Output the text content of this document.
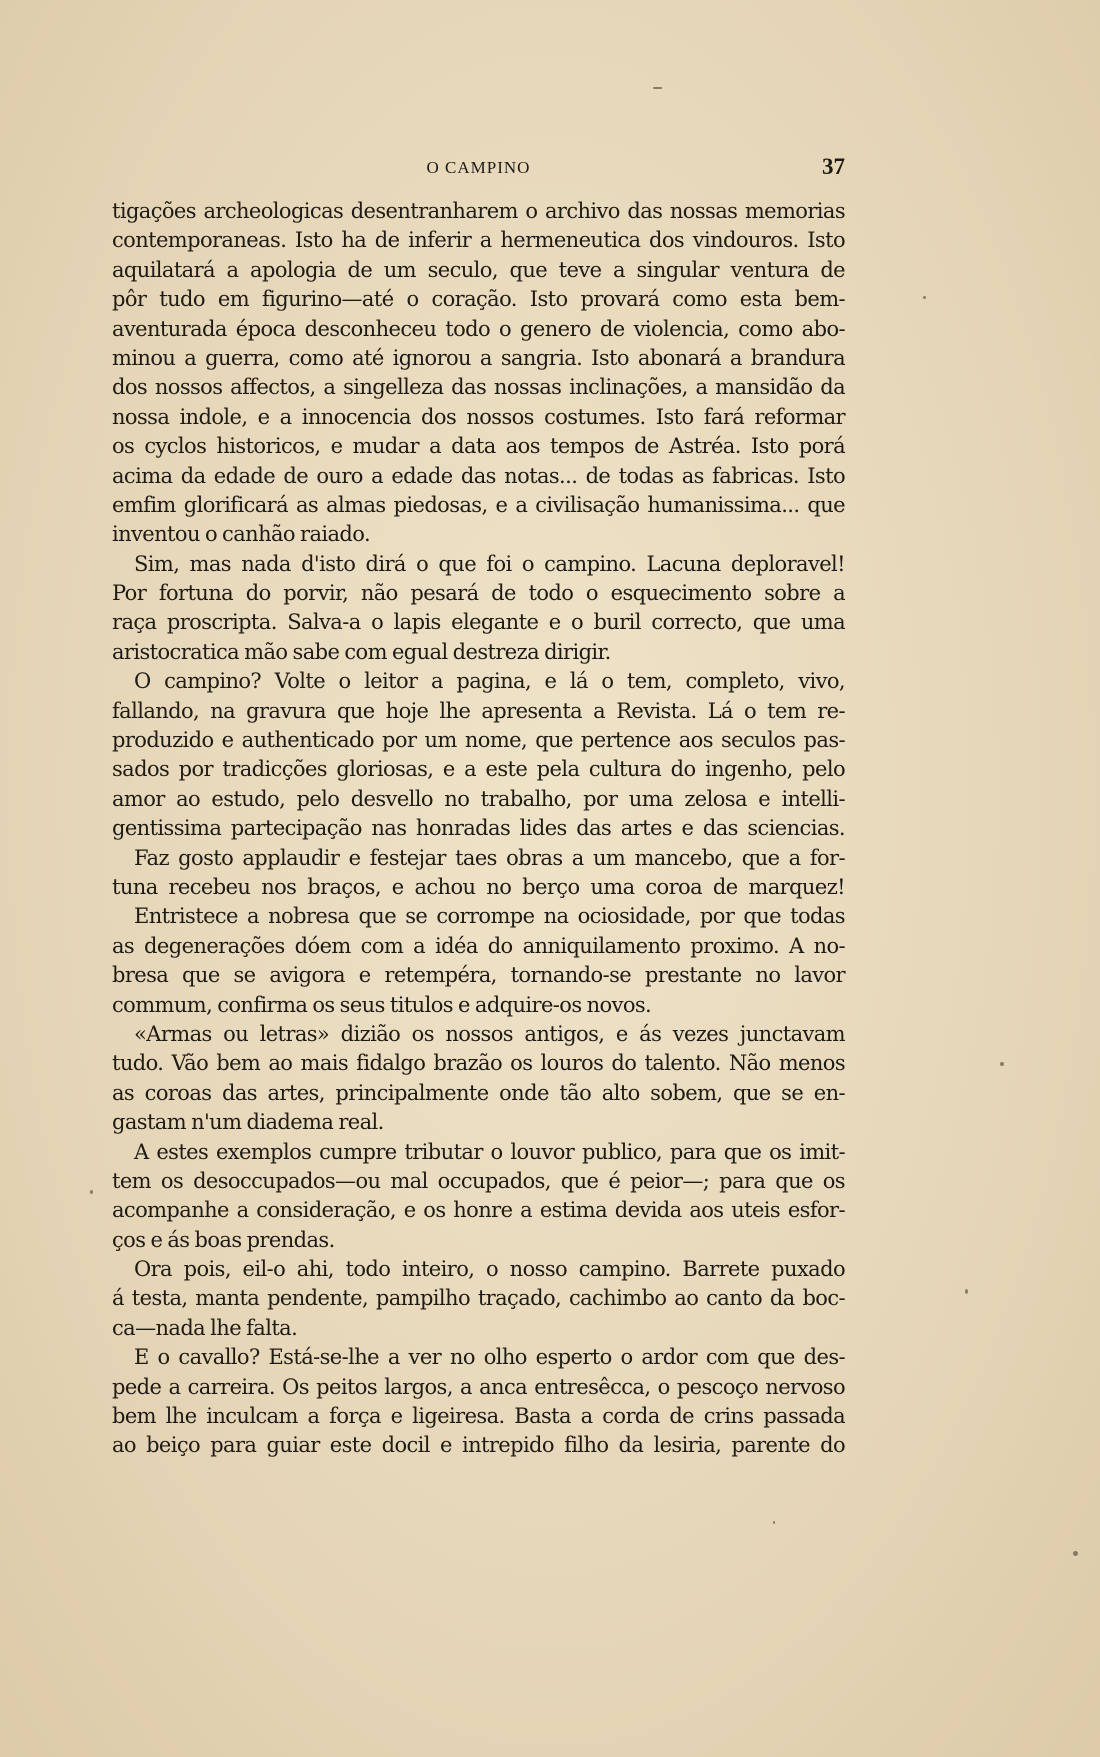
O CAMPINO	37
tigações archeologicas desentranharem o archivo das nossas memorias
contemporaneas. Isto ha de inferir a hermeneutica dos vindouros. Isto
aquilatará a apologia de um seculo, que teve a singular ventura de
pôr tudo em figurino—até o coração. Isto provará como esta bem-
aventurada época desconheceu todo o genero de violencia, como abo-
minou a guerra, como até ignorou a sangria. Isto abonará a brandura
dos nossos affectos, a singelleza das nossas inclinações, a mansidão da
nossa indole, e a innocencia dos nossos costumes. Isto fará reformar
os cyclos historicos, e mudar a data aos tempos de Astréa. Isto porá
acima da edade de ouro a edade das notas... de todas as fabricas. Isto
emfim glorificará as almas piedosas, e a civilisação humanissima... que
inventou o canhão raiado.
Sim, mas nada d'isto dirá o que foi o campino. Lacuna deploravel!
Por fortuna do porvir, não pesará de todo o esquecimento sobre a
raça proscripta. Salva-a o lapis elegante e o buril correcto, que uma
aristocratica mão sabe com egual destreza dirigir.
O campino? Volte o leitor a pagina, e lá o tem, completo, vivo,
fallando, na gravura que hoje lhe apresenta a Revista. Lá o tem re-
produzido e authenticado por um nome, que pertence aos seculos pas-
sados por tradicções gloriosas, e a este pela cultura do ingenho, pelo
amor ao estudo, pelo desvello no trabalho, por uma zelosa e intelli-
gentissima partecipação nas honradas lides das artes e das sciencias.
Faz gosto applaudir e festejar taes obras a um mancebo, que a for-
tuna recebeu nos braços, e achou no berço uma coroa de marquez!
Entristece a nobresa que se corrompe na ociosidade, por que todas
as degenerações dóem com a idéa do anniquilamento proximo. A no-
bresa que se avigora e retempéra, tornando-se prestante no lavor
commum, confirma os seus titulos e adquire-os novos.
«Armas ou letras» dizião os nossos antigos, e ás vezes junctavam
tudo. Vão bem ao mais fidalgo brazão os louros do talento. Não menos
as coroas das artes, principalmente onde tão alto sobem, que se en-
gastam n'um diadema real.
A estes exemplos cumpre tributar o louvor publico, para que os imit-
tem os desoccupados—ou mal occupados, que é peior—; para que os
acompanhe a consideração, e os honre a estima devida aos uteis esfor-
ços e ás boas prendas.
Ora pois, eil-o ahi, todo inteiro, o nosso campino. Barrete puxado
á testa, manta pendente, pampilho traçado, cachimbo ao canto da boc-
ca—nada lhe falta.
E o cavallo? Está-se-lhe a ver no olho esperto o ardor com que des-
pede a carreira. Os peitos largos, a anca entresêcca, o pescoço nervoso
bem lhe inculcam a força e ligeiresa. Basta a corda de crins passada
ao beiço para guiar este docil e intrepido filho da lesiria, parente do
